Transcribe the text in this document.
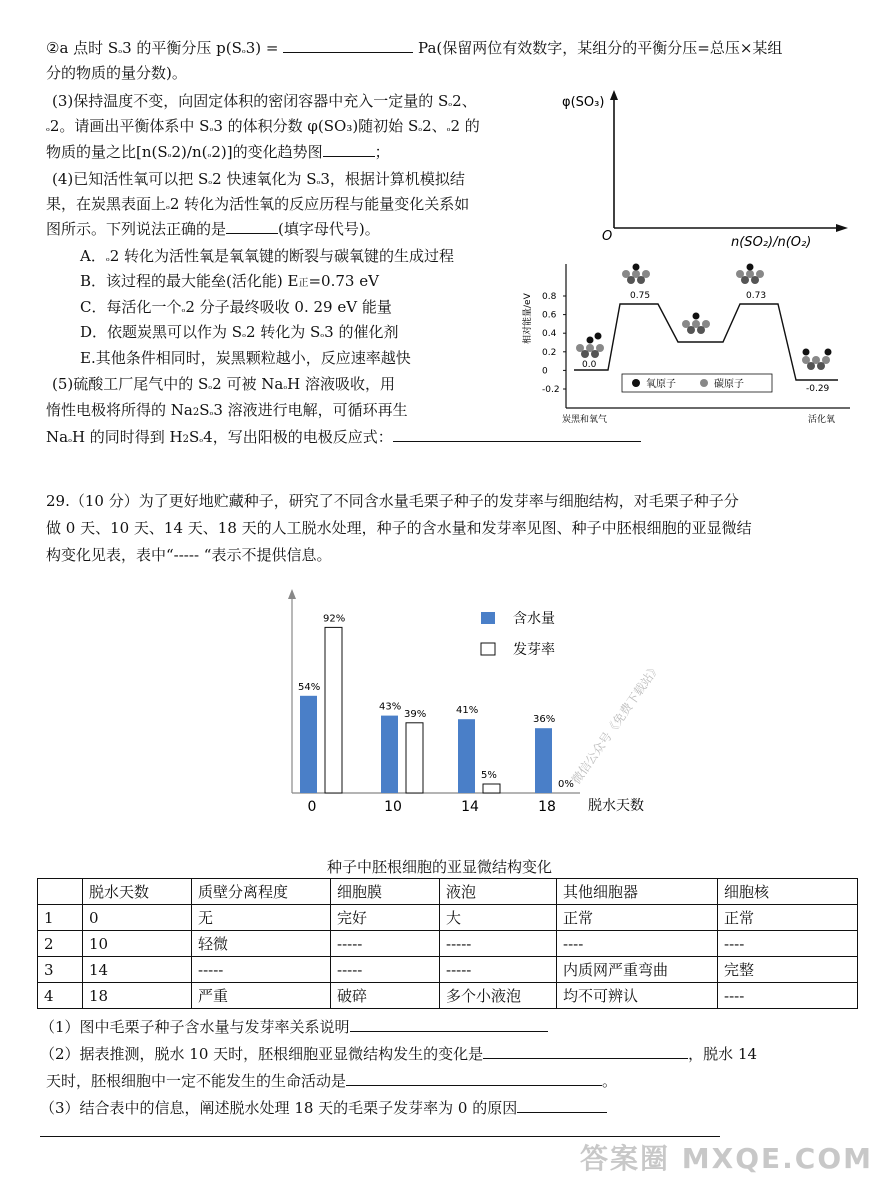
②a 点时 Sₒ3 的平衡分压 p(Sₒ3) =	Pa(保留两位有效数字，某组分的平衡分压=总压×某组
分的物质的量分数)。
(3)保持温度不变，向固定体积的密闭容器中充入一定量的 Sₒ2、
ₒ2。请画出平衡体系中 Sₒ3 的体积分数 φ(SO₃)随初始 Sₒ2、ₒ2 的
物质的量之比[n(Sₒ2)/n(ₒ2)]的变化趋势图	；
(4)已知活性氧可以把 Sₒ2 快速氧化为 Sₒ3，根据计算机模拟结
果，在炭黑表面上ₒ2 转化为活性氧的反应历程与能量变化关系如
图所示。下列说法正确的是	(填字母代号)。
A．ₒ2 转化为活性氧是氧氧键的断裂与碳氧键的生成过程
B．该过程的最大能垒(活化能) E正=0.73 eV
C．每活化一个ₒ2 分子最终吸收 0. 29 eV 能量
D．依题炭黑可以作为 Sₒ2 转化为 Sₒ3 的催化剂
E.其他条件相同时，炭黑颗粒越小，反应速率越快
(5)硫酸工厂尾气中的 Sₒ2 可被 NaₒH 溶液吸收，用
惰性电极将所得的 Na2Sₒ3 溶液进行电解，可循环再生
NaₒH 的同时得到 H2Sₒ4，写出阳极的电极反应式：
φ(SO₃)
O	n(SO₂)/n(O₂)
相对能量/eV 0.8
0.6
0.4
0.2
0
-0.2
0.0
0.75	0.73
-0.29
氧原子	碳原子
炭黑和氧气	活化氧
29.（10 分）为了更好地贮藏种子，研究了不同含水量毛栗子种子的发芽率与细胞结构，对毛栗子种子分
做 0 天、10 天、14 天、18 天的人工脱水处理，种子的含水量和发芽率见图、种子中胚根细胞的亚显微结
构变化见表，表中“----- “表示不提供信息。
54%
92%
0
43%
39%
10
41%
5%
14
36%
0%
18 脱水天数
含水量
发芽率
微信公众号《免费下载站》
种子中胚根细胞的亚显微结构变化
	脱水天数	质壁分离程度	细胞膜	液泡	其他细胞器	细胞核
1	0	无	完好	大	正常	正常
2	10	轻微	-----	-----	----	----
3	14	-----	-----	-----	内质网严重弯曲	完整
4	18	严重	破碎	多个小液泡	均不可辨认	----
（1）图中毛栗子种子含水量与发芽率关系说明
（2）据表推测，脱水 10 天时，胚根细胞亚显微结构发生的变化是	，脱水 14
天时，胚根细胞中一定不能发生的生命活动是	。
（3）结合表中的信息，阐述脱水处理 18 天的毛栗子发芽率为 0 的原因
答案圈 MXQE.COM
